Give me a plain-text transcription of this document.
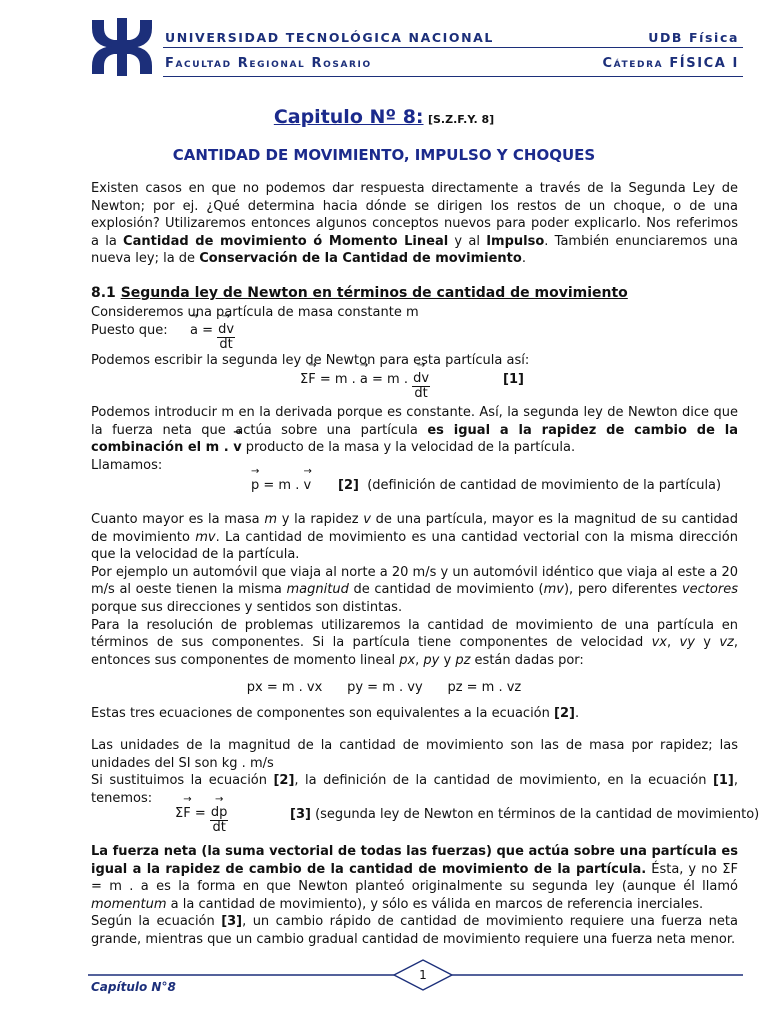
UNIVERSIDAD TECNOLÓGICA NACIONAL	UDB Física
Facultad Regional Rosario	Cátedra FÍSICA I
Capitulo Nº 8: [S.Z.F.Y. 8]
CANTIDAD DE MOVIMIENTO, IMPULSO Y CHOQUES
Existen casos en que no podemos dar respuesta directamente a través de la Segunda Ley de Newton; por ej. ¿Qué determina hacia dónde se dirigen los restos de un choque, o de una explosión? Utilizaremos entonces algunos conceptos nuevos para poder explicarlo. Nos referimos a la Cantidad de movimiento ó Momento Lineal y al Impulso. También enunciaremos una nueva ley; la de Conservación de la Cantidad de movimiento.
8.1 Segunda ley de Newton en términos de cantidad de movimiento
Consideremos una partícula de masa constante m
Puesto que: → a = → $\frac{dv}{dt}$
Podemos escribir la segunda ley de Newton para esta partícula así:
Σ→ F = m . → a = m . → $\frac{dv}{dt}$	[1]
Podemos introducir m en la derivada porque es constante. Así, la segunda ley de Newton dice que la fuerza neta que actúa sobre una partícula es igual a la rapidez de cambio de la combinación el m . → v producto de la masa y la velocidad de la partícula.
Llamamos:
→ p = m . → v [2] (definición de cantidad de movimiento de la partícula)
Cuanto mayor es la masa m y la rapidez v de una partícula, mayor es la magnitud de su cantidad de movimiento mv. La cantidad de movimiento es una cantidad vectorial con la misma dirección que la velocidad de la partícula.
Por ejemplo un automóvil que viaja al norte a 20 m/s y un automóvil idéntico que viaja al este a 20 m/s al oeste tienen la misma magnitud de cantidad de movimiento (mv), pero diferentes vectores porque sus direcciones y sentidos son distintas.
Para la resolución de problemas utilizaremos la cantidad de movimiento de una partícula en términos de sus componentes. Si la partícula tiene componentes de velocidad vx, vy y vz, entonces sus componentes de momento lineal px, py y pz están dadas por:
px = m . vx      py = m . vy      pz = m . vz
Estas tres ecuaciones de componentes son equivalentes a la ecuación [2].
Las unidades de la magnitud de la cantidad de movimiento son las de masa por rapidez; las unidades del SI son kg . m/s
Si sustituimos la ecuación [2], la definición de la cantidad de movimiento, en la ecuación [1], tenemos:
Σ→ F = → $\frac{dp}{dt}$	[3] (segunda ley de Newton en términos de la cantidad de movimiento)
La fuerza neta (la suma vectorial de todas las fuerzas) que actúa sobre una partícula es igual a la rapidez de cambio de la cantidad de movimiento de la partícula. Ésta, y no ΣF = m . a es la forma en que Newton planteó originalmente su segunda ley (aunque él llamó momentum a la cantidad de movimiento), y sólo es válida en marcos de referencia inerciales.
Según la ecuación [3], un cambio rápido de cantidad de movimiento requiere una fuerza neta grande, mientras que un cambio gradual cantidad de movimiento requiere una fuerza neta menor.
1
Capítulo N°8
